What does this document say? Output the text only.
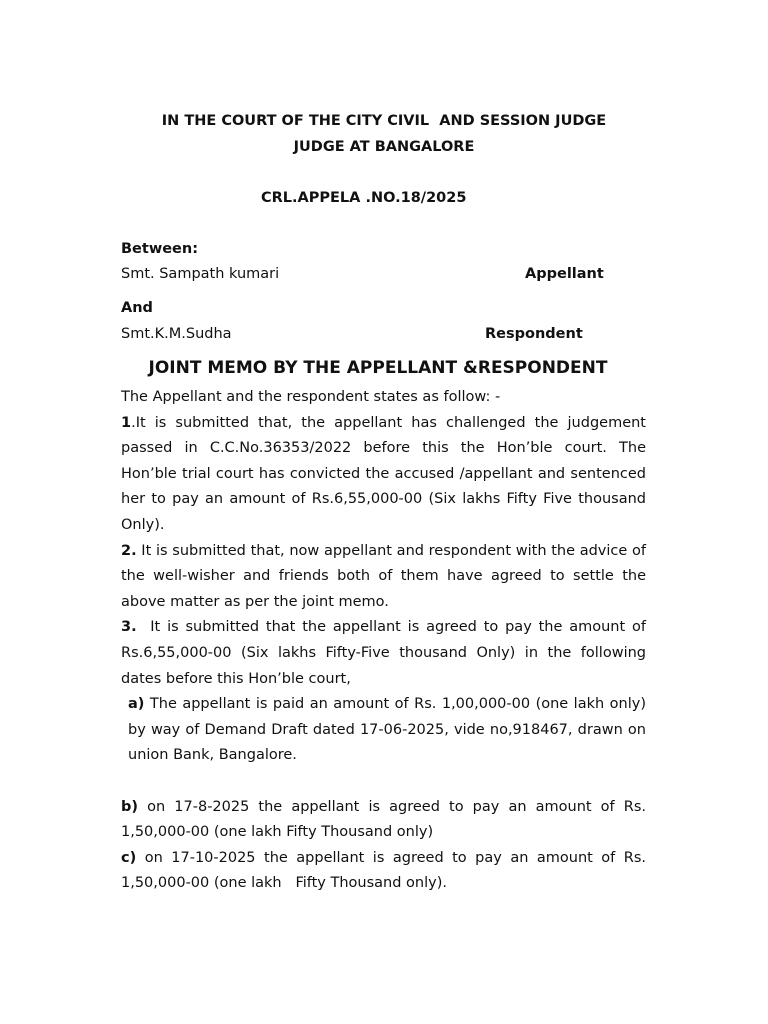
IN THE COURT OF THE CITY CIVIL  AND SESSION JUDGE
JUDGE AT BANGALORE
CRL.APPELA .NO.18/2025
Between:
Smt. Sampath kumari	Appellant
And
Smt.K.M.Sudha	Respondent
JOINT MEMO BY THE APPELLANT &RESPONDENT

The Appellant and the respondent states as follow: -

1.It is submitted that, the appellant has challenged the judgement passed in C.C.No.36353/2022 before this the Hon’ble court. The Hon’ble trial court has convicted the accused /appellant and sentenced her to pay an amount of Rs.6,55,000-00 (Six lakhs Fifty Five thousand Only).

2. It is submitted that, now appellant and respondent with the advice of the well-wisher and friends both of them have agreed to settle the above matter as per the joint memo.

3.  It is submitted that the appellant is agreed to pay the amount of Rs.6,55,000-00 (Six lakhs Fifty-Five thousand Only) in the following dates before this Hon’ble court,

a) The appellant is paid an amount of Rs. 1,00,000-00 (one lakh only) by way of Demand Draft dated 17-06-2025, vide no,918467, drawn on union Bank, Bangalore.

b) on 17-8-2025 the appellant is agreed to pay an amount of Rs. 1,50,000-00 (one lakh Fifty Thousand only)

c) on 17-10-2025 the appellant is agreed to pay an amount of Rs. 1,50,000-00 (one lakh   Fifty Thousand only).
